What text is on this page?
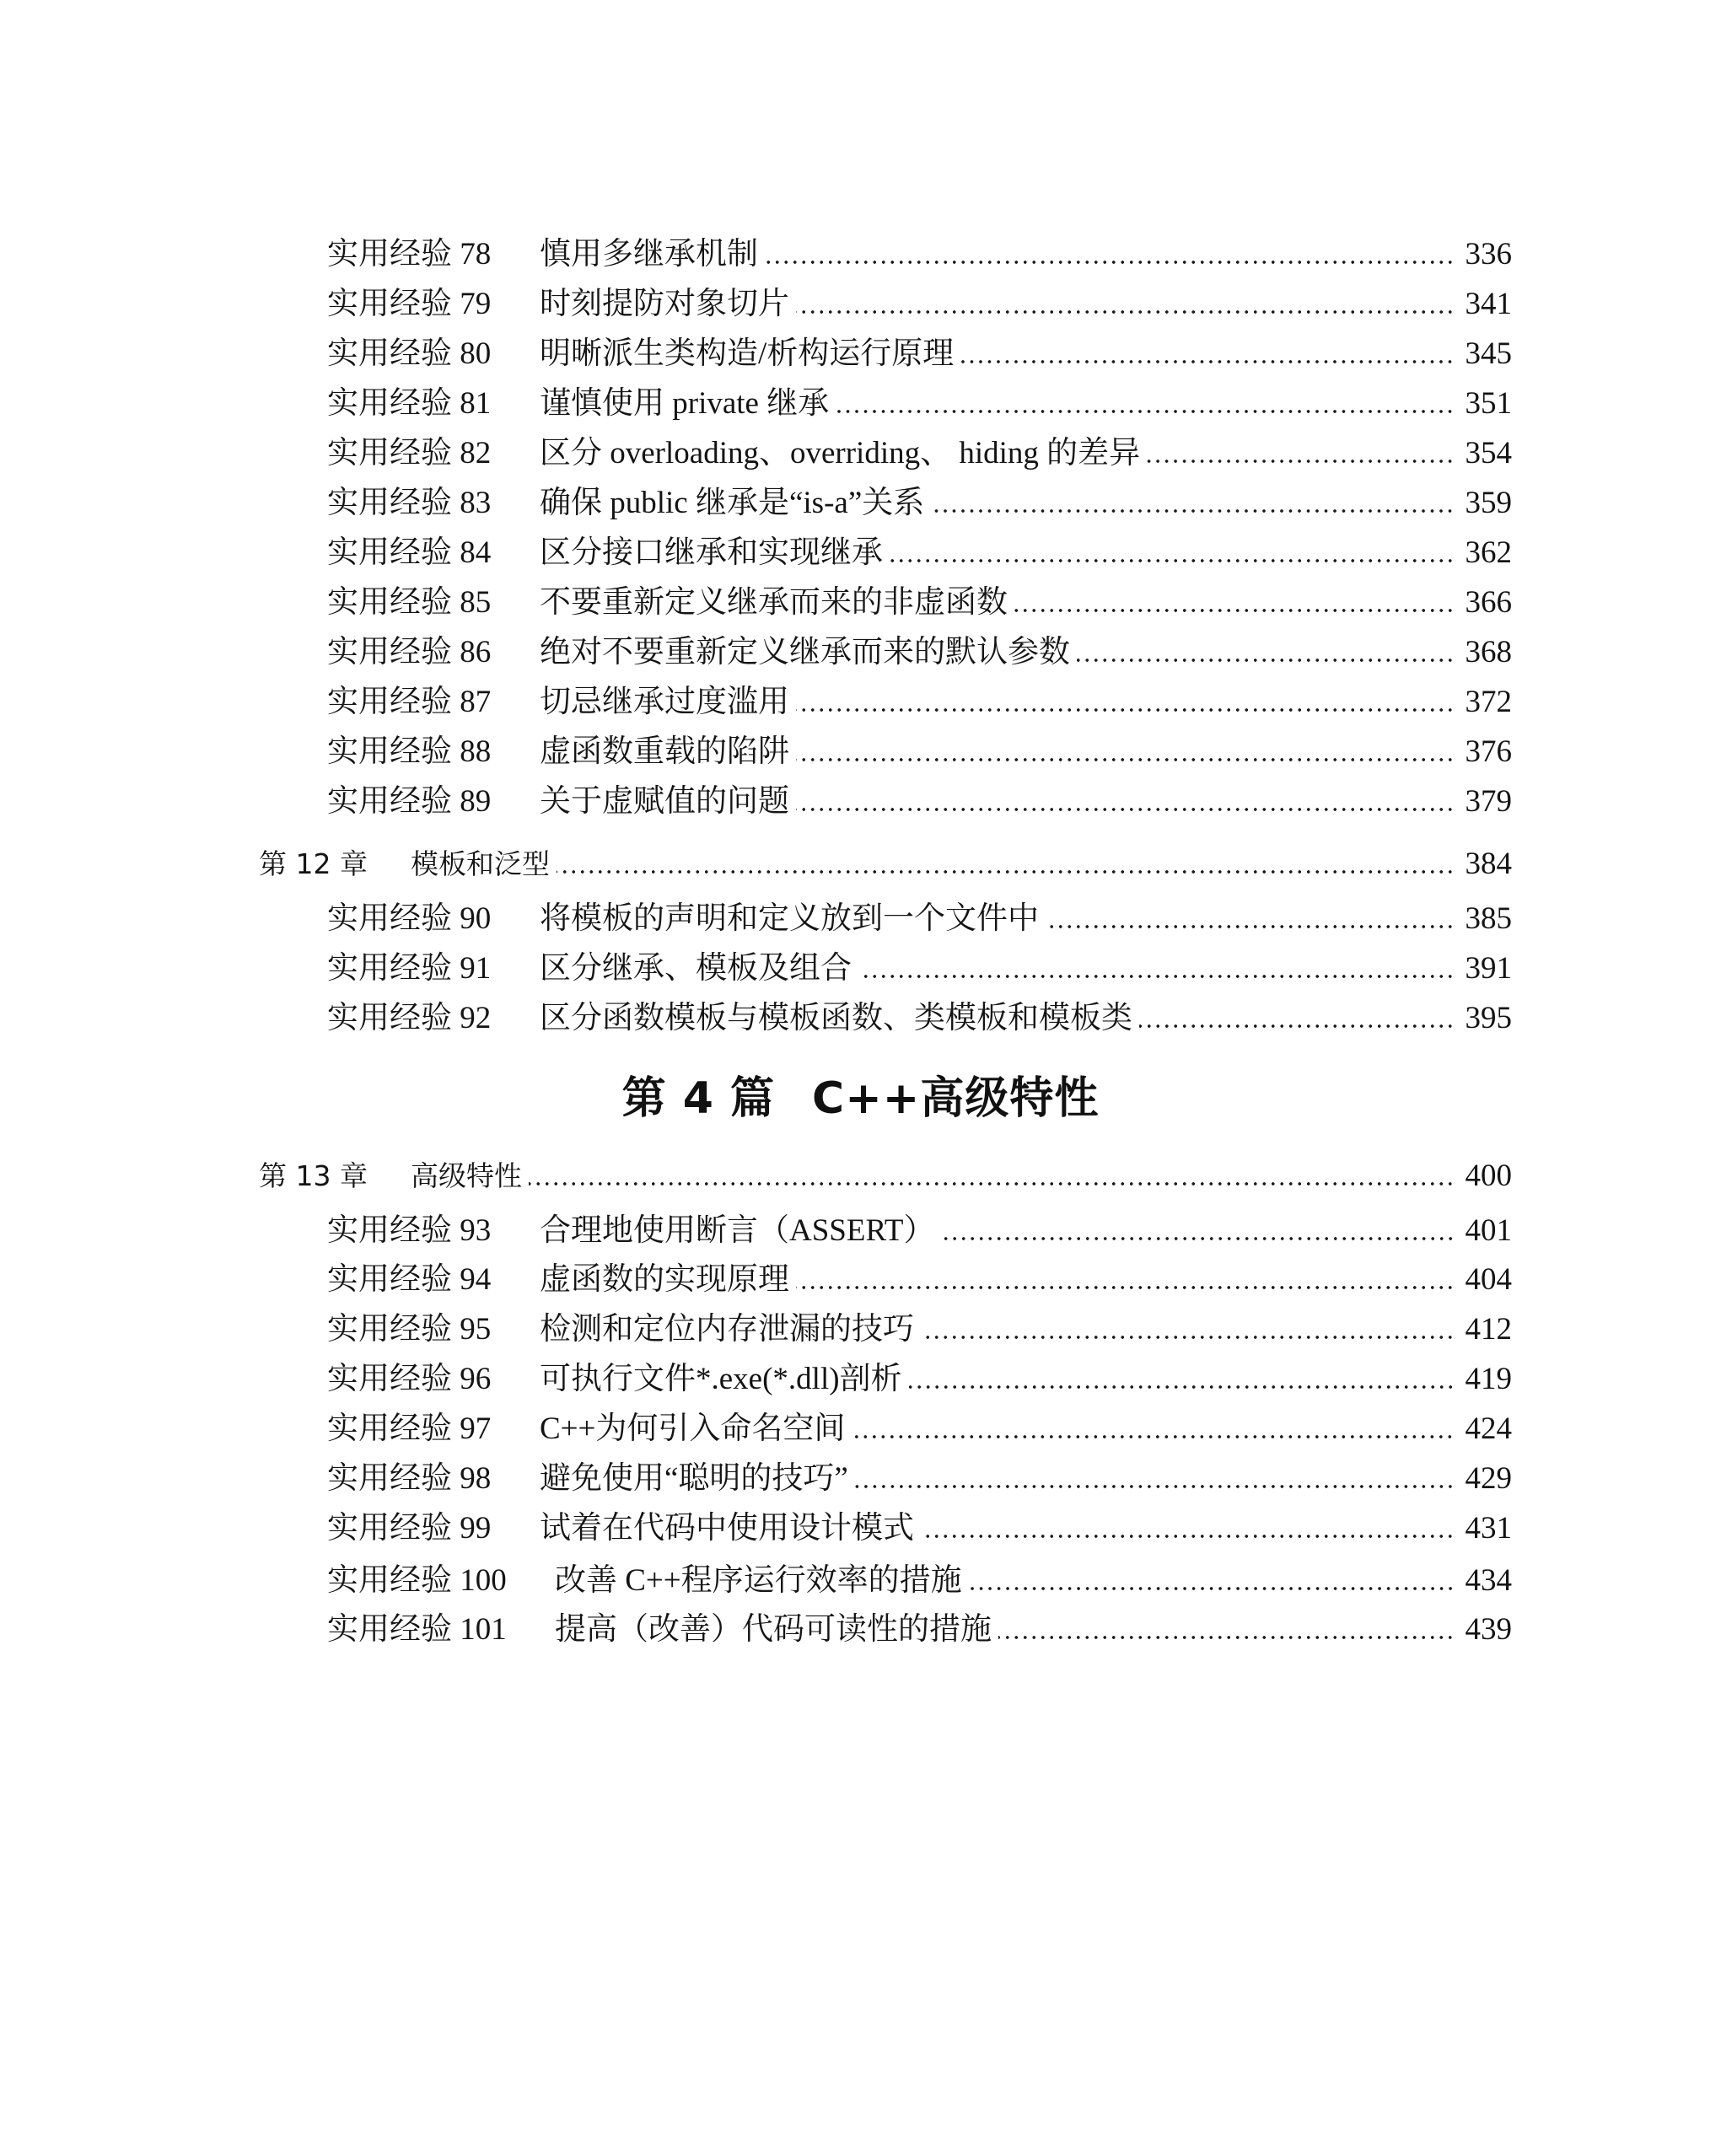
实用经验 78	慎用多继承机制	336
实用经验 79	时刻提防对象切片	341
实用经验 80	明晰派生类构造/析构运行原理	345
实用经验 81	谨慎使用 private 继承	351
实用经验 82	区分 overloading、overriding、 hiding 的差异	354
实用经验 83	确保 public 继承是“is-a”关系	359
实用经验 84	区分接口继承和实现继承	362
实用经验 85	不要重新定义继承而来的非虚函数	366
实用经验 86	绝对不要重新定义继承而来的默认参数	368
实用经验 87	切忌继承过度滥用	372
实用经验 88	虚函数重载的陷阱	376
实用经验 89	关于虚赋值的问题	379
第 12 章	模板和泛型	384
实用经验 90	将模板的声明和定义放到一个文件中	385
实用经验 91	区分继承、模板及组合	391
实用经验 92	区分函数模板与模板函数、类模板和模板类	395
第 4 篇 C++高级特性
第 13 章	高级特性	400
实用经验 93	合理地使用断言（ASSERT）	401
实用经验 94	虚函数的实现原理	404
实用经验 95	检测和定位内存泄漏的技巧	412
实用经验 96	可执行文件*.exe(*.dll)剖析	419
实用经验 97	C++为何引入命名空间	424
实用经验 98	避免使用“聪明的技巧”	429
实用经验 99	试着在代码中使用设计模式	431
实用经验 100	改善 C++程序运行效率的措施	434
实用经验 101	提高（改善）代码可读性的措施	439
